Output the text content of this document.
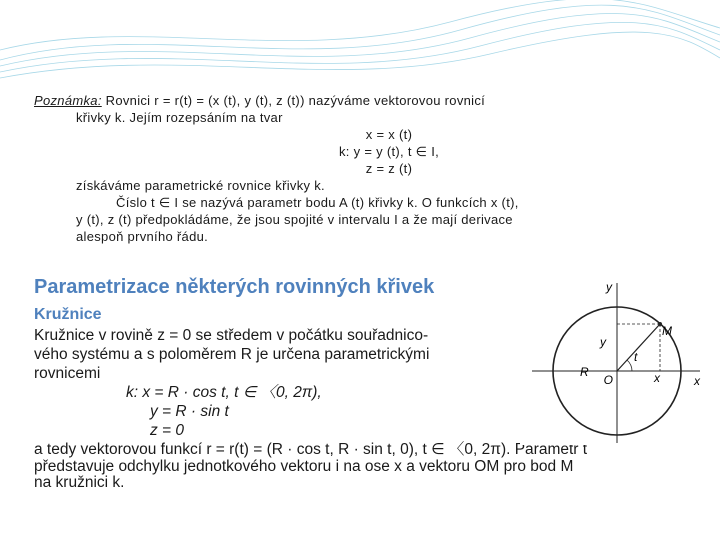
Poznámka: Rovnici r = r(t) = (x (t), y (t), z (t)) nazýváme vektorovou rovnicí
křivky k. Jejím rozepsáním na tvar
x = x (t)
k: y = y (t), t ∈ I,
z = z (t)
získáváme parametrické rovnice křivky k.
Číslo t ∈ I se nazývá parametr bodu A (t) křivky k. O funkcích x (t),
y (t), z (t) předpokládáme, že jsou spojité v intervalu I a že mají derivace
alespoň prvního řádu.
Parametrizace některých rovinných křivek
Kružnice
Kružnice v rovině z = 0 se středem v počátku souřadnico-
vého systému a s poloměrem R je určena parametrickými
rovnicemi
k: x = R · cos t, t ∈ 〈0, 2π),
y = R · sin t
z = 0
a tedy vektorovou funkcí r = r(t) = (R · cos t, R · sin t, 0), t ∈ 〈0, 2π). Parametr t
představuje odchylku jednotkového vektoru i na ose x a vektoru OM pro bod M
na kružnici k.
y
x
M
y
t
R
O	x
